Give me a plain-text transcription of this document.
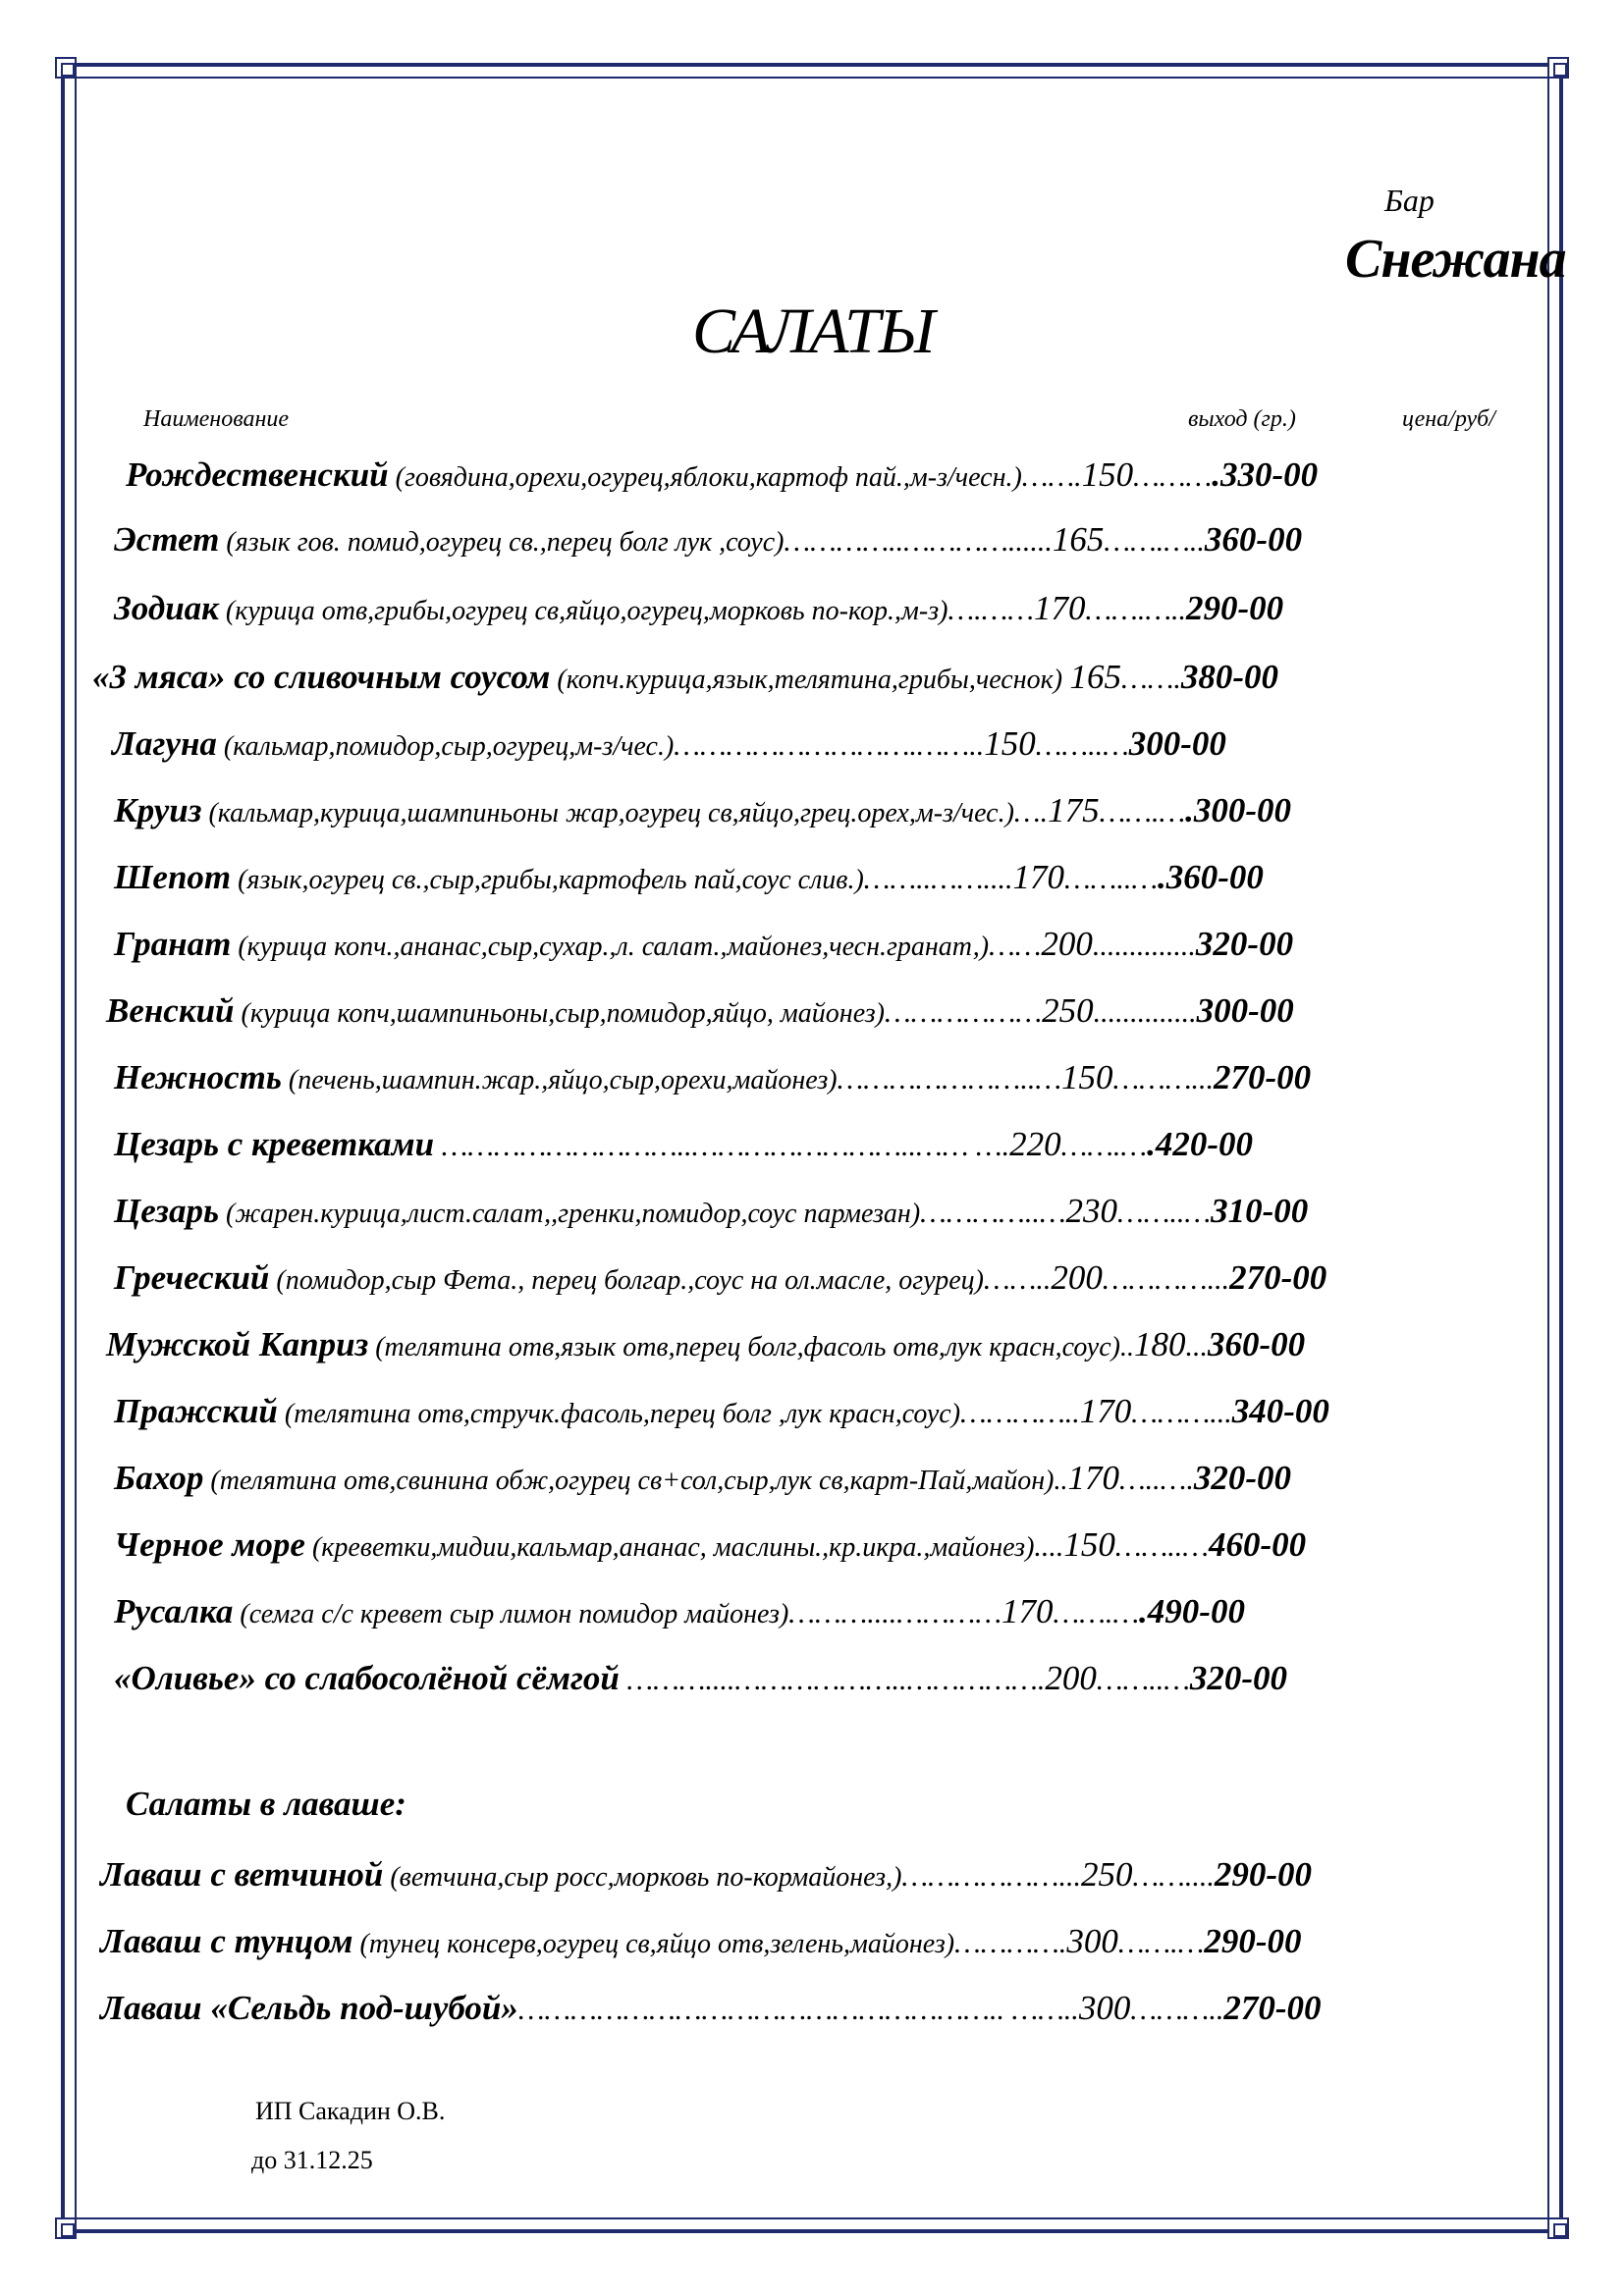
Бар
Снежана
САЛАТЫ
Наименование	выход (гр.)	цена/руб/
Рождественский (говядина,орехи,огурец,яблоки,картоф пай.,м-з/чесн.)…….150……….330-00
Эстет (язык гов. помид,огурец св.,перец болг лук ,соус)…………..…………......165…….…..360-00
Зодиак (курица отв,грибы,огурец св,яйцо,огурец,морковь по-кор.,м-з)….……170…….…..290-00
«3 мяса» со сливочным соусом (копч.курица,язык,телятина,грибы,чеснок) 165…….380-00
Лагуна (кальмар,помидор,сыр,огурец,м-з/чес.)……………………….……..150……..…300-00
Круиз (кальмар,курица,шампиньоны жар,огурец св,яйцо,грец.орех,м-з/чес.)….175…….….300-00
Шепот (язык,огурец св.,сыр,грибы,картофель пай,соус слив.)……..……....170……..….360-00
Гранат (курица копч.,ананас,сыр,сухар.,л. салат.,майонез,чесн.гранат,)……200..............320-00
Венский (курица копч,шампиньоны,сыр,помидор,яйцо, майонез)………………250..............300-00
Нежность (печень,шампин.жар.,яйцо,сыр,орехи,майонез)…………………..…150………...270-00
Цезарь с креветками ………………………..……………………..…… ….220…….….420-00
Цезарь (жарен.курица,лист.салат,,гренки,помидор,соус пармезан)…………..…230……..…310-00
Греческий (помидор,сыр Фета., перец болгар.,соус на ол.масле, огурец)……..200…………...270-00
Мужской Каприз (телятина отв,язык отв,перец болг,фасоль отв,лук красн,соус)..180...360-00
Пражский (телятина отв,стручк.фасоль,перец болг ,лук красн,соус)…………..170………...340-00
Бахор (телятина отв,свинина обж,огурец св+сол,сыр,лук св,карт-Пай,майон)..170…..….320-00
Черное море (креветки,мидии,кальмар,ананас, маслины.,кр.икра.,майонез)....150……..…460-00
Русалка (семга с/с кревет сыр лимон помидор майонез)………....…………170…….….490-00
«Оливье» со слабосолёной сёмгой ………....………………..…………….200……..…320-00
Салаты в лаваше:
Лаваш с ветчиной (ветчина,сыр росс,морковь по-кормайонез,)………………...250……....290-00
Лаваш с тунцом (тунец консерв,огурец св,яйцо отв,зелень,майонез)………….300…….…290-00
Лаваш «Сельдь под-шубой»……………………………………………….. ……..300………..270-00
ИП Сакадин О.В.
до 31.12.25
